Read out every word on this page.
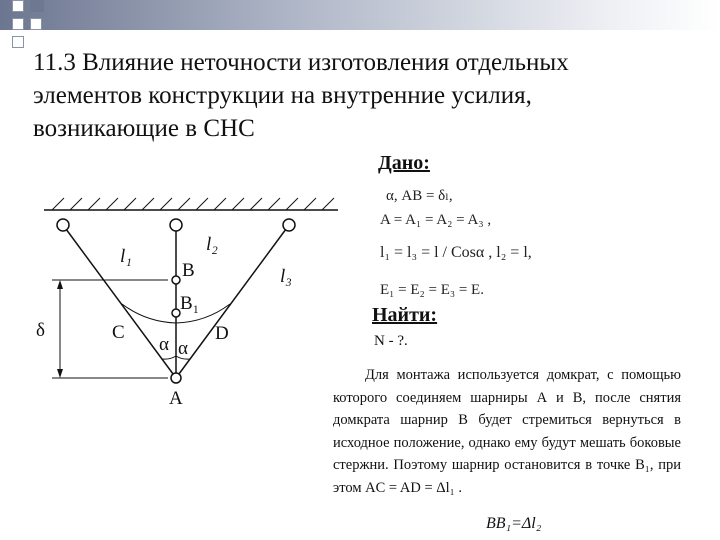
11.3 Влияние неточности изготовления отдельных элементов конструкции на внутренние усилия, возникающие в СНС
l₁
l₂
l₃
B
B₁
C	D
α α
A
δ
Дано:
α, AB = δₗ,
A = A₁ = A₂ = A₃ ,
l₁ = l₃ = l / Cosα , l₂ = l,
E₁ = E₂ = E₃ = E.
Найти:
N - ?.
Для монтажа используется домкрат, с помощью которого соединяем шарниры А и В, после снятия домкрата шарнир В будет стремиться вернуться в исходное положение, однако ему будут мешать боковые стержни. Поэтому шарнир остановится в точке B₁, при этом AC = AD = Δl₁ .
BB₁=Δl₂
